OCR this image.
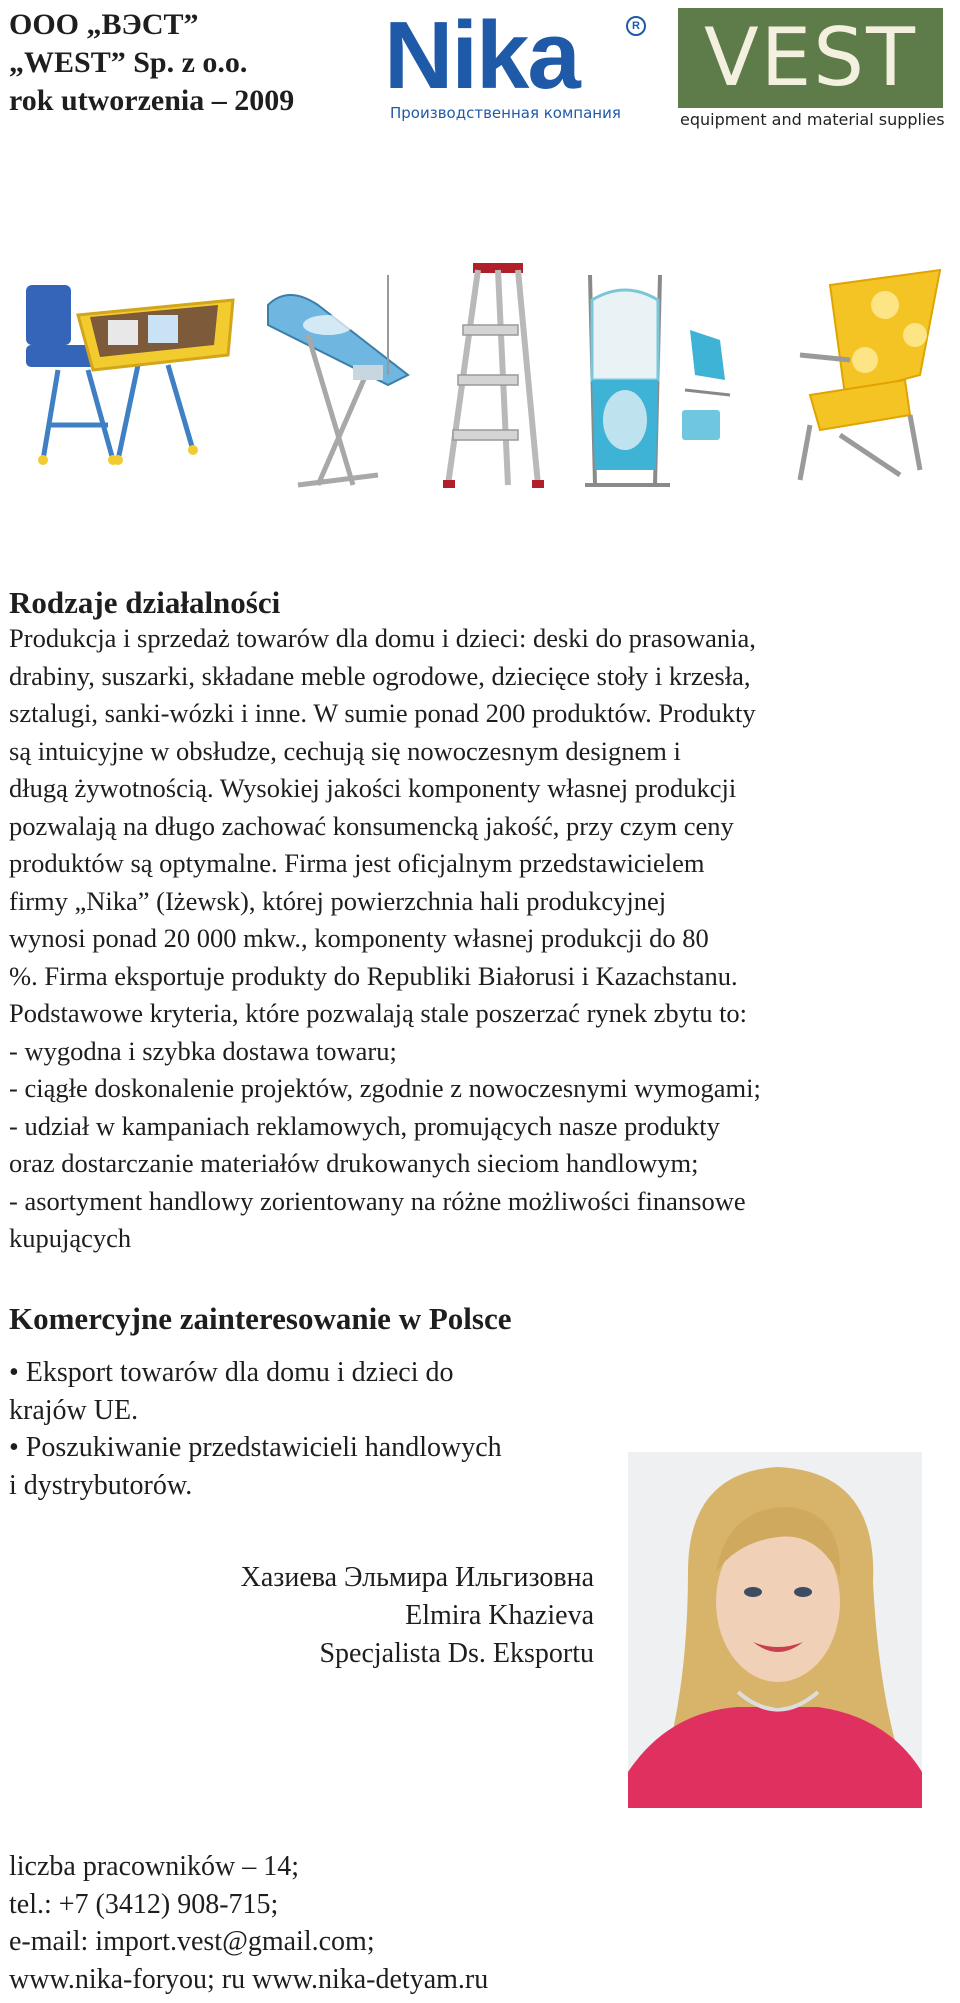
ООО „ВЭСТ”
„WEST” Sp. z o.o.
rok utworzenia – 2009 Nika	R
Производственная компания
VEST
equipment and material supplies
Rodzaje działalności
Produkcja i sprzedaż towarów dla domu i dzieci: deski do prasowania,
drabiny, suszarki, składane meble ogrodowe, dziecięce stoły i krzesła,
sztalugi, sanki-wózki i inne. W sumie ponad 200 produktów. Produkty
są intuicyjne w obsłudze, cechują się nowoczesnym designem i
długą żywotnością. Wysokiej jakości komponenty własnej produkcji
pozwalają na długo zachować konsumencką jakość, przy czym ceny
produktów są optymalne. Firma jest oficjalnym przedstawicielem
firmy „Nika” (Iżewsk), której powierzchnia hali produkcyjnej
wynosi ponad 20 000 mkw., komponenty własnej produkcji do 80
%. Firma eksportuje produkty do Republiki Białorusi i Kazachstanu.
Podstawowe kryteria, które pozwalają stale poszerzać rynek zbytu to:
- wygodna i szybka dostawa towaru;
- ciągłe doskonalenie projektów, zgodnie z nowoczesnymi wymogami;
- udział w kampaniach reklamowych, promujących nasze produkty
oraz dostarczanie materiałów drukowanych sieciom handlowym;
- asortyment handlowy zorientowany na różne możliwości finansowe
kupujących
Komercyjne zainteresowanie w Polsce
• Eksport towarów dla domu i dzieci do
krajów UE.
• Poszukiwanie przedstawicieli handlowych
i dystrybutorów.
Хазиева Эльмира Ильгизовна
Elmira Khazieva
Specjalista Ds. Eksportu
liczba pracowników – 14;
tel.: +7 (3412) 908-715;
e-mail: import.vest@gmail.com;
www.nika-foryou; ru www.nika-detyam.ru
